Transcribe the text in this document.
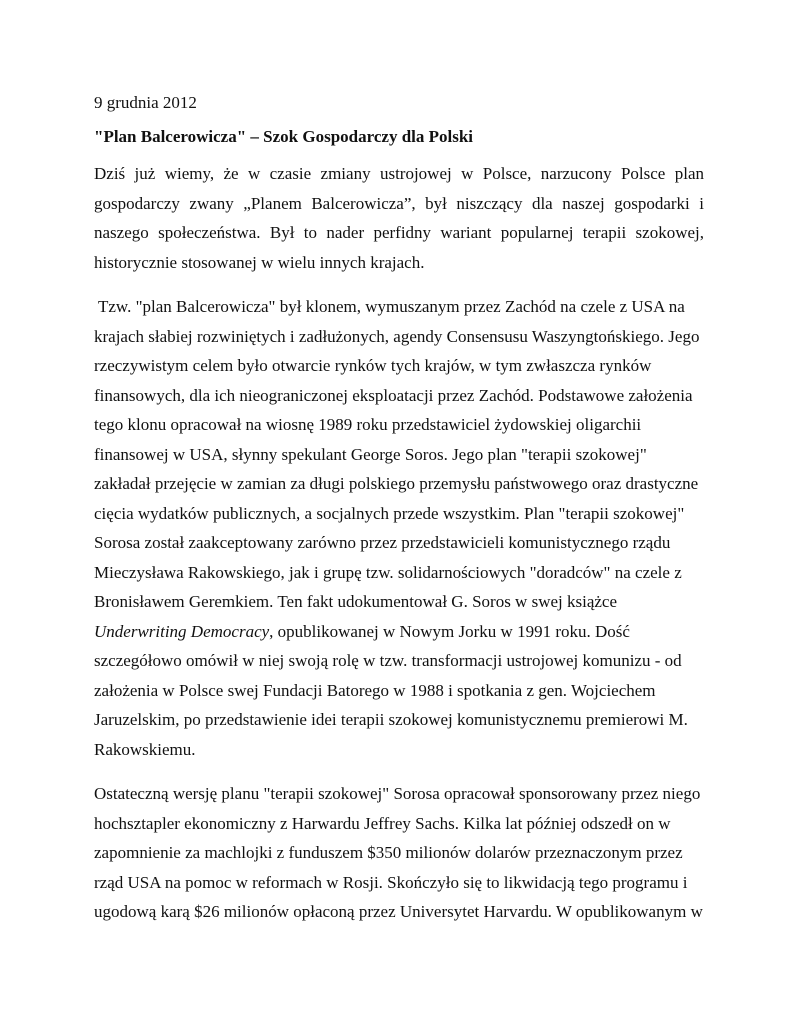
9 grudnia 2012
"Plan Balcerowicza" – Szok Gospodarczy dla Polski
Dziś już wiemy, że w czasie zmiany ustrojowej w Polsce, narzucony Polsce plan
gospodarczy zwany „Planem Balcerowicza”, był niszczący dla naszej gospodarki i
naszego społeczeństwa. Był to nader perfidny wariant popularnej terapii szokowej,
historycznie stosowanej w wielu innych krajach.
Tzw. "plan Balcerowicza" był klonem, wymuszanym przez Zachód na czele z USA na
krajach słabiej rozwiniętych i zadłużonych, agendy Consensusu Waszyngtońskiego. Jego
rzeczywistym celem było otwarcie rynków tych krajów, w tym zwłaszcza rynków
finansowych, dla ich nieograniczonej eksploatacji przez Zachód. Podstawowe założenia
tego klonu opracował na wiosnę 1989 roku przedstawiciel żydowskiej oligarchii
finansowej w USA, słynny spekulant George Soros. Jego plan "terapii szokowej"
zakładał przejęcie w zamian za długi polskiego przemysłu państwowego oraz drastyczne
cięcia wydatków publicznych, a socjalnych przede wszystkim. Plan "terapii szokowej"
Sorosa został zaakceptowany zarówno przez przedstawicieli komunistycznego rządu
Mieczysława Rakowskiego, jak i grupę tzw. solidarnościowych "doradców" na czele z
Bronisławem Geremkiem. Ten fakt udokumentował G. Soros w swej książce
Underwriting Democracy, opublikowanej w Nowym Jorku w 1991 roku. Dość
szczegółowo omówił w niej swoją rolę w tzw. transformacji ustrojowej komunizu - od
założenia w Polsce swej Fundacji Batorego w 1988 i spotkania z gen. Wojciechem
Jaruzelskim, po przedstawienie idei terapii szokowej komunistycznemu premierowi M.
Rakowskiemu.
Ostateczną wersję planu "terapii szokowej" Sorosa opracował sponsorowany przez niego
hochsztapler ekonomiczny z Harwardu Jeffrey Sachs. Kilka lat później odszedł on w
zapomnienie za machlojki z funduszem $350 milionów dolarów przeznaczonym przez
rząd USA na pomoc w reformach w Rosji. Skończyło się to likwidacją tego programu i
ugodową karą $26 milionów opłaconą przez Universytet Harvardu. W opublikowanym w
